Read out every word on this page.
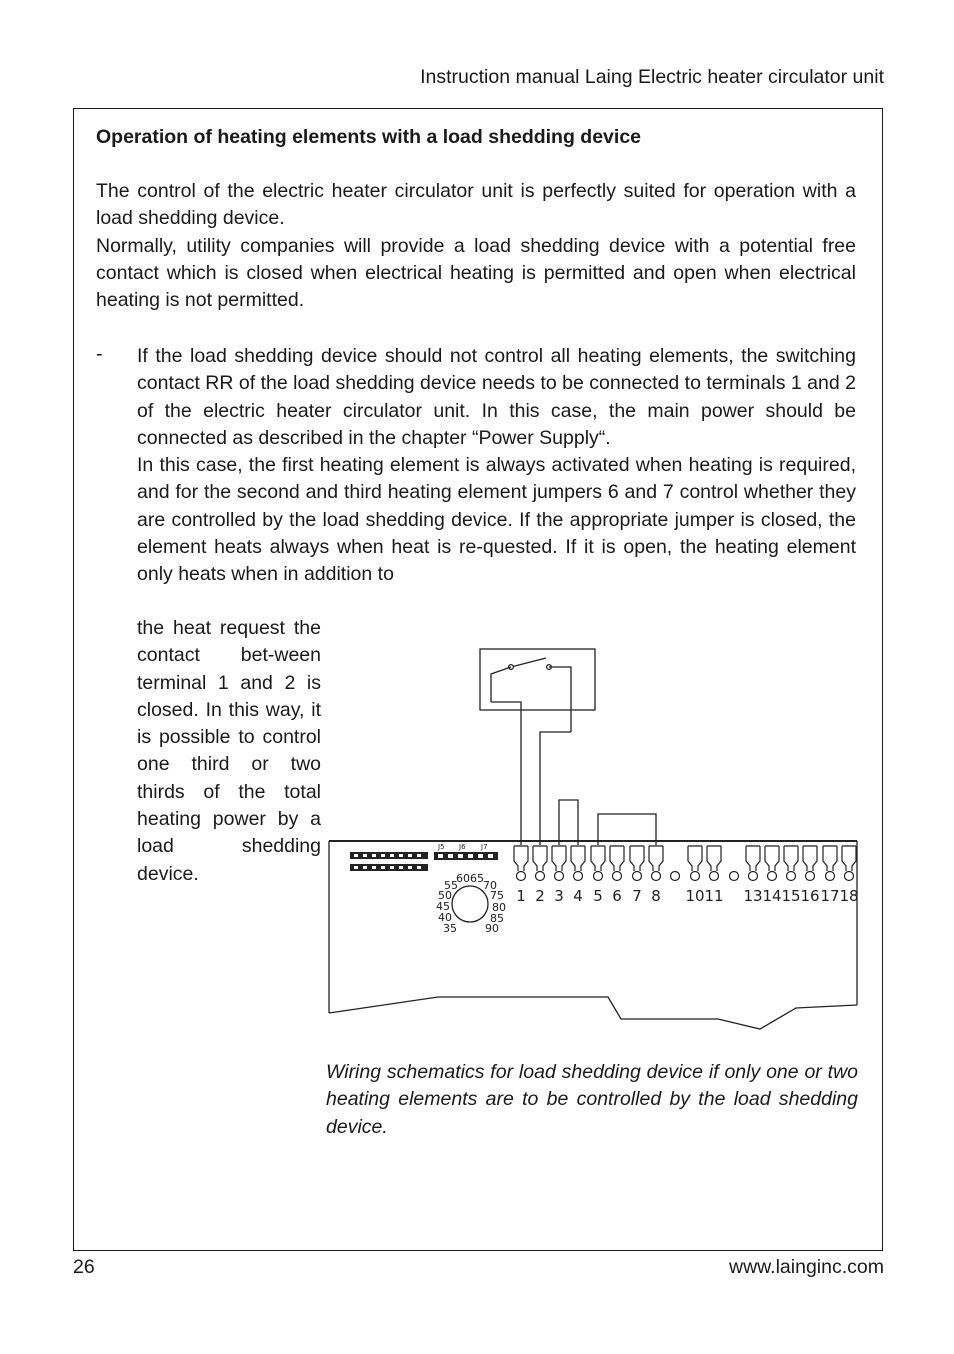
Instruction manual Laing Electric heater circulator unit
Operation of heating elements with a load shedding device

The control of the electric heater circulator unit is perfectly suited for operation with a load shedding device.

Normally, utility companies will provide a load shedding device with a potential free contact which is closed when electrical heating is permitted and open when electrical heating is not permitted.

- If the load shedding device should not control all heating elements, the switching contact RR of the load shedding device needs to be connected to terminals 1 and 2 of the electric heater circulator unit. In this case, the main power should be connected as described in the chapter “Power Supply“.

In this case, the first heating element is always activated when heating is required, and for the second and third heating element jumpers 6 and 7 control whether they are controlled by the load shedding device. If the appropriate jumper is closed, the element heats always when heat is re-quested. If it is open, the heating element only heats when in addition to

the heat request the contact bet-ween terminal 1 and 2 is closed. In this way, it is possible to control one third or two thirds of the total heating power by a load shedding device.
J5 J6 J7
6065
55 70
50	75
45	80
40	85
35	90
1 2 3 4 5 6 7 8 10 11 13 14 15 16 17 18
Wiring schematics for load shedding device if only one or two heating elements are to be controlled by the load shedding device.
26	www.lainginc.com
